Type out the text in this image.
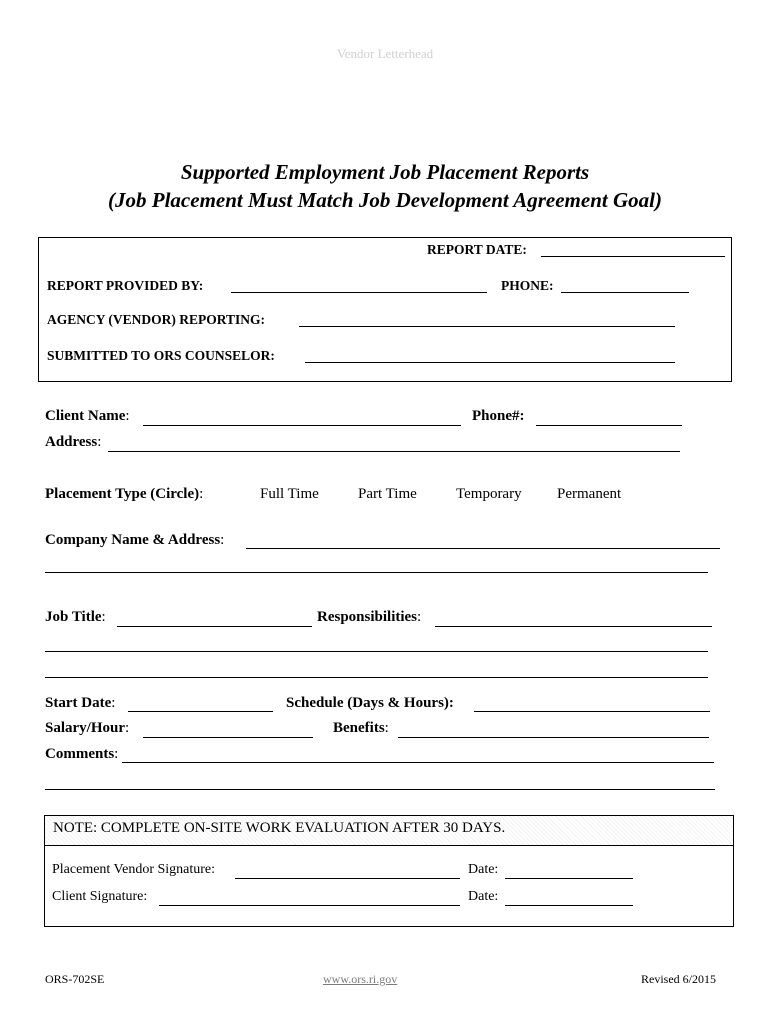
Vendor Letterhead
Supported Employment Job Placement Reports
(Job Placement Must Match Job Development Agreement Goal)
REPORT DATE:
REPORT PROVIDED BY:	PHONE:
AGENCY (VENDOR) REPORTING:
SUBMITTED TO ORS COUNSELOR:
Client Name:	Phone#:
Address:
Placement Type (Circle):	Full Time	Part Time	Temporary Permanent
Company Name & Address:
Job Title:	Responsibilities:
Start Date:	Schedule (Days & Hours):
Salary/Hour:	Benefits:
Comments:
NOTE: COMPLETE ON-SITE WORK EVALUATION AFTER 30 DAYS.
Placement Vendor Signature:	Date:
Client Signature:	Date:
ORS-702SE	www.ors.ri.gov	Revised 6/2015
